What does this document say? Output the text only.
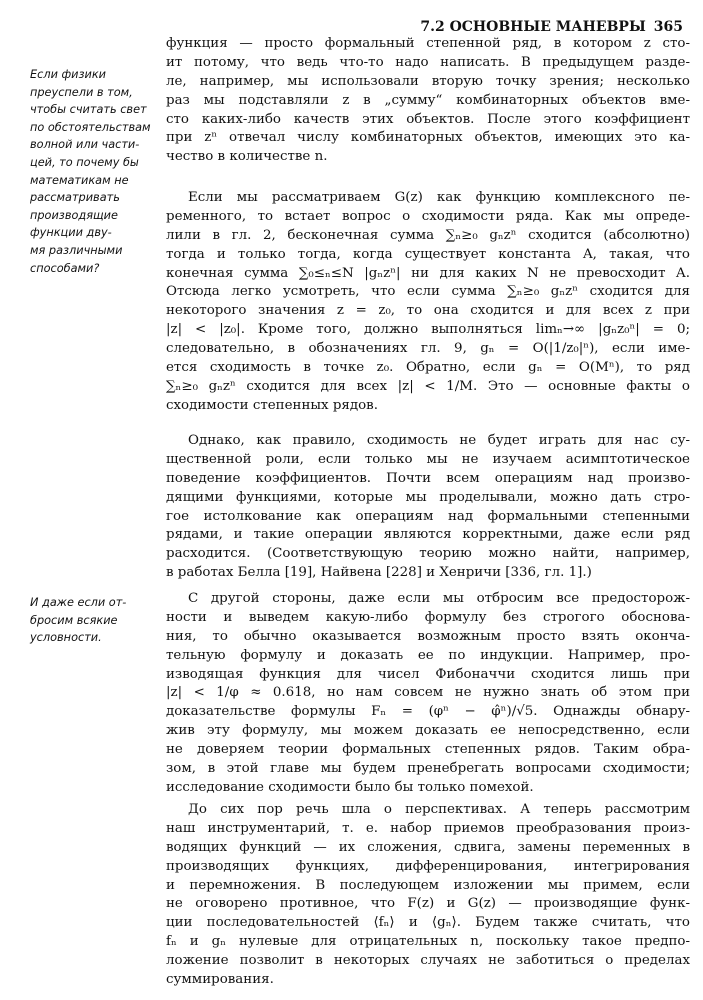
7.2 ОСНОВНЫЕ МАНЕВРЫ 365
Если физики
преуспели в том,
чтобы считать свет
по обстоятельствам
волной или части-
цей, то почему бы
математикам не
рассматривать
производящие
функции дву-
мя различными
способами?
И даже если от-
бросим всякие
условности.
функция — просто формальный степенной ряд, в котором z сто-
ит потому, что ведь что-то надо написать. В предыдущем разде-
ле, например, мы использовали вторую точку зрения; несколько
раз мы подставляли z в „сумму“ комбинаторных объектов вме-
сто каких-либо качеств этих объектов. После этого коэффициент
при zⁿ отвечал числу комбинаторных объектов, имеющих это ка-
чество в количестве n.
Если мы рассматриваем G(z) как функцию комплексного пе-
ременного, то встает вопрос о сходимости ряда. Как мы опреде-
лили в гл. 2, бесконечная сумма ∑ₙ≥₀ gₙzⁿ сходится (абсолютно)
тогда и только тогда, когда существует константа A, такая, что
конечная сумма ∑₀≤ₙ≤N |gₙzⁿ| ни для каких N не превосходит A.
Отсюда легко усмотреть, что если сумма ∑ₙ≥₀ gₙzⁿ сходится для
некоторого значения z = z₀, то она сходится и для всех z при
|z| < |z₀|. Кроме того, должно выполняться limₙ→∞ |gₙz₀ⁿ| = 0;
следовательно, в обозначениях гл. 9, gₙ = O(|1/z₀|ⁿ), если име-
ется сходимость в точке z₀. Обратно, если gₙ = O(Mⁿ), то ряд
∑ₙ≥₀ gₙzⁿ сходится для всех |z| < 1/M. Это — основные факты о
сходимости степенных рядов.
Однако, как правило, сходимость не будет играть для нас су-
щественной роли, если только мы не изучаем асимптотическое
поведение коэффициентов. Почти всем операциям над произво-
дящими функциями, которые мы проделывали, можно дать стро-
гое истолкование как операциям над формальными степенными
рядами, и такие операции являются корректными, даже если ряд
расходится. (Соответствующую теорию можно найти, например,
в работах Белла [19], Найвена [228] и Хенричи [336, гл. 1].)
С другой стороны, даже если мы отбросим все предосторож-
ности и выведем какую-либо формулу без строгого обоснова-
ния, то обычно оказывается возможным просто взять оконча-
тельную формулу и доказать ее по индукции. Например, про-
изводящая функция для чисел Фибоначчи сходится лишь при
|z| < 1/φ ≈ 0.618, но нам совсем не нужно знать об этом при
доказательстве формулы Fₙ = (φⁿ − φ̂ⁿ)/√5. Однажды обнару-
жив эту формулу, мы можем доказать ее непосредственно, если
не доверяем теории формальных степенных рядов. Таким обра-
зом, в этой главе мы будем пренебрегать вопросами сходимости;
исследование сходимости было бы только помехой.
До сих пор речь шла о перспективах. А теперь рассмотрим
наш инструментарий, т. е. набор приемов преобразования произ-
водящих функций — их сложения, сдвига, замены переменных в
производящих функциях, дифференцирования, интегрирования
и перемножения. В последующем изложении мы примем, если
не оговорено противное, что F(z) и G(z) — производящие функ-
ции последовательностей ⟨fₙ⟩ и ⟨gₙ⟩. Будем также считать, что
fₙ и gₙ нулевые для отрицательных n, поскольку такое предпо-
ложение позволит в некоторых случаях не заботиться о пределах
суммирования.
